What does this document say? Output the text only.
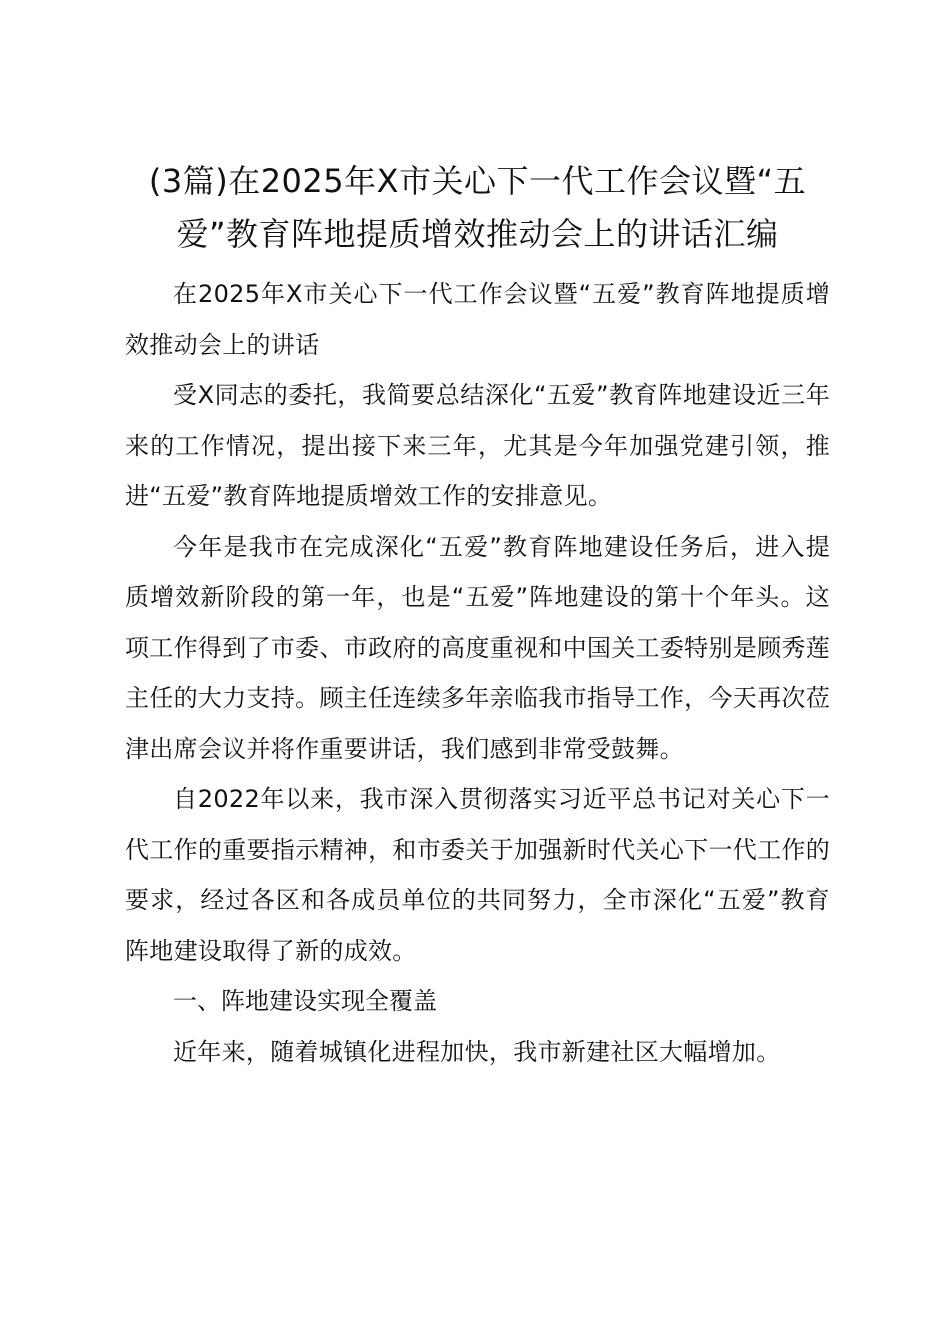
(3篇)在2025年X市关心下一代工作会议暨“五爱”教育阵地提质增效推动会上的讲话汇编

在2025年X市关心下一代工作会议暨“五爱”教育阵地提质增效推动会上的讲话

受X同志的委托，我简要总结深化“五爱”教育阵地建设近三年来的工作情况，提出接下来三年，尤其是今年加强党建引领，推进“五爱”教育阵地提质增效工作的安排意见。

今年是我市在完成深化“五爱”教育阵地建设任务后，进入提质增效新阶段的第一年，也是“五爱”阵地建设的第十个年头。这项工作得到了市委、市政府的高度重视和中国关工委特别是顾秀莲主任的大力支持。顾主任连续多年亲临我市指导工作，今天再次莅津出席会议并将作重要讲话，我们感到非常受鼓舞。

自2022年以来，我市深入贯彻落实习近平总书记对关心下一代工作的重要指示精神，和市委关于加强新时代关心下一代工作的要求，经过各区和各成员单位的共同努力，全市深化“五爱”教育阵地建设取得了新的成效。

一、阵地建设实现全覆盖

近年来，随着城镇化进程加快，我市新建社区大幅增加。
